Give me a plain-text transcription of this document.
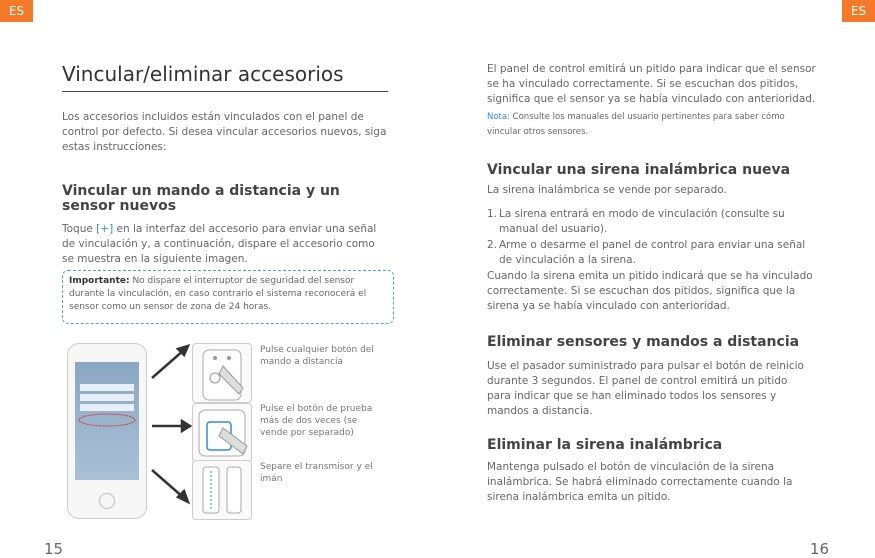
ES	ES
Vincular/eliminar accesorios

Los accesorios incluidos están vinculados con el panel de control por defecto. Si desea vincular accesorios nuevos, siga estas instrucciones:

Vincular un mando a distancia y un sensor nuevos

Toque [+] en la interfaz del accesorio para enviar una señal de vinculación y, a continuación, dispare el accesorio como se muestra en la siguiente imagen.

Importante: No dispare el interruptor de seguridad del sensor durante la vinculación, en caso contrario el sistema reconocerá el sensor como un sensor de zona de 24 horas.

Pulse cualquier botón del mando a distancia
Pulse el botón de prueba más de dos veces (se vende por separado)
Separe el transmisor y el imán
15

El panel de control emitirá un pitido para indicar que el sensor se ha vinculado correctamente. Si se escuchan dos pitidos, significa que el sensor ya se había vinculado con anterioridad.

Nota: Consulte los manuales del usuario pertinentes para saber cómo vincular otros sensores.

Vincular una sirena inalámbrica nueva

La sirena inalámbrica se vende por separado.

1. La sirena entrará en modo de vinculación (consulte su manual del usuario).
2. Arme o desarme el panel de control para enviar una señal de vinculación a la sirena.

Cuando la sirena emita un pitido indicará que se ha vinculado correctamente. Si se escuchan dos pitidos, significa que la sirena ya se había vinculado con anterioridad.

Eliminar sensores y mandos a distancia

Use el pasador suministrado para pulsar el botón de reinicio durante 3 segundos. El panel de control emitirá un pitido para indicar que se han eliminado todos los sensores y mandos a distancia.

Eliminar la sirena inalámbrica

Mantenga pulsado el botón de vinculación de la sirena inalámbrica. Se habrá eliminado correctamente cuando la sirena inalámbrica emita un pitido.

16
